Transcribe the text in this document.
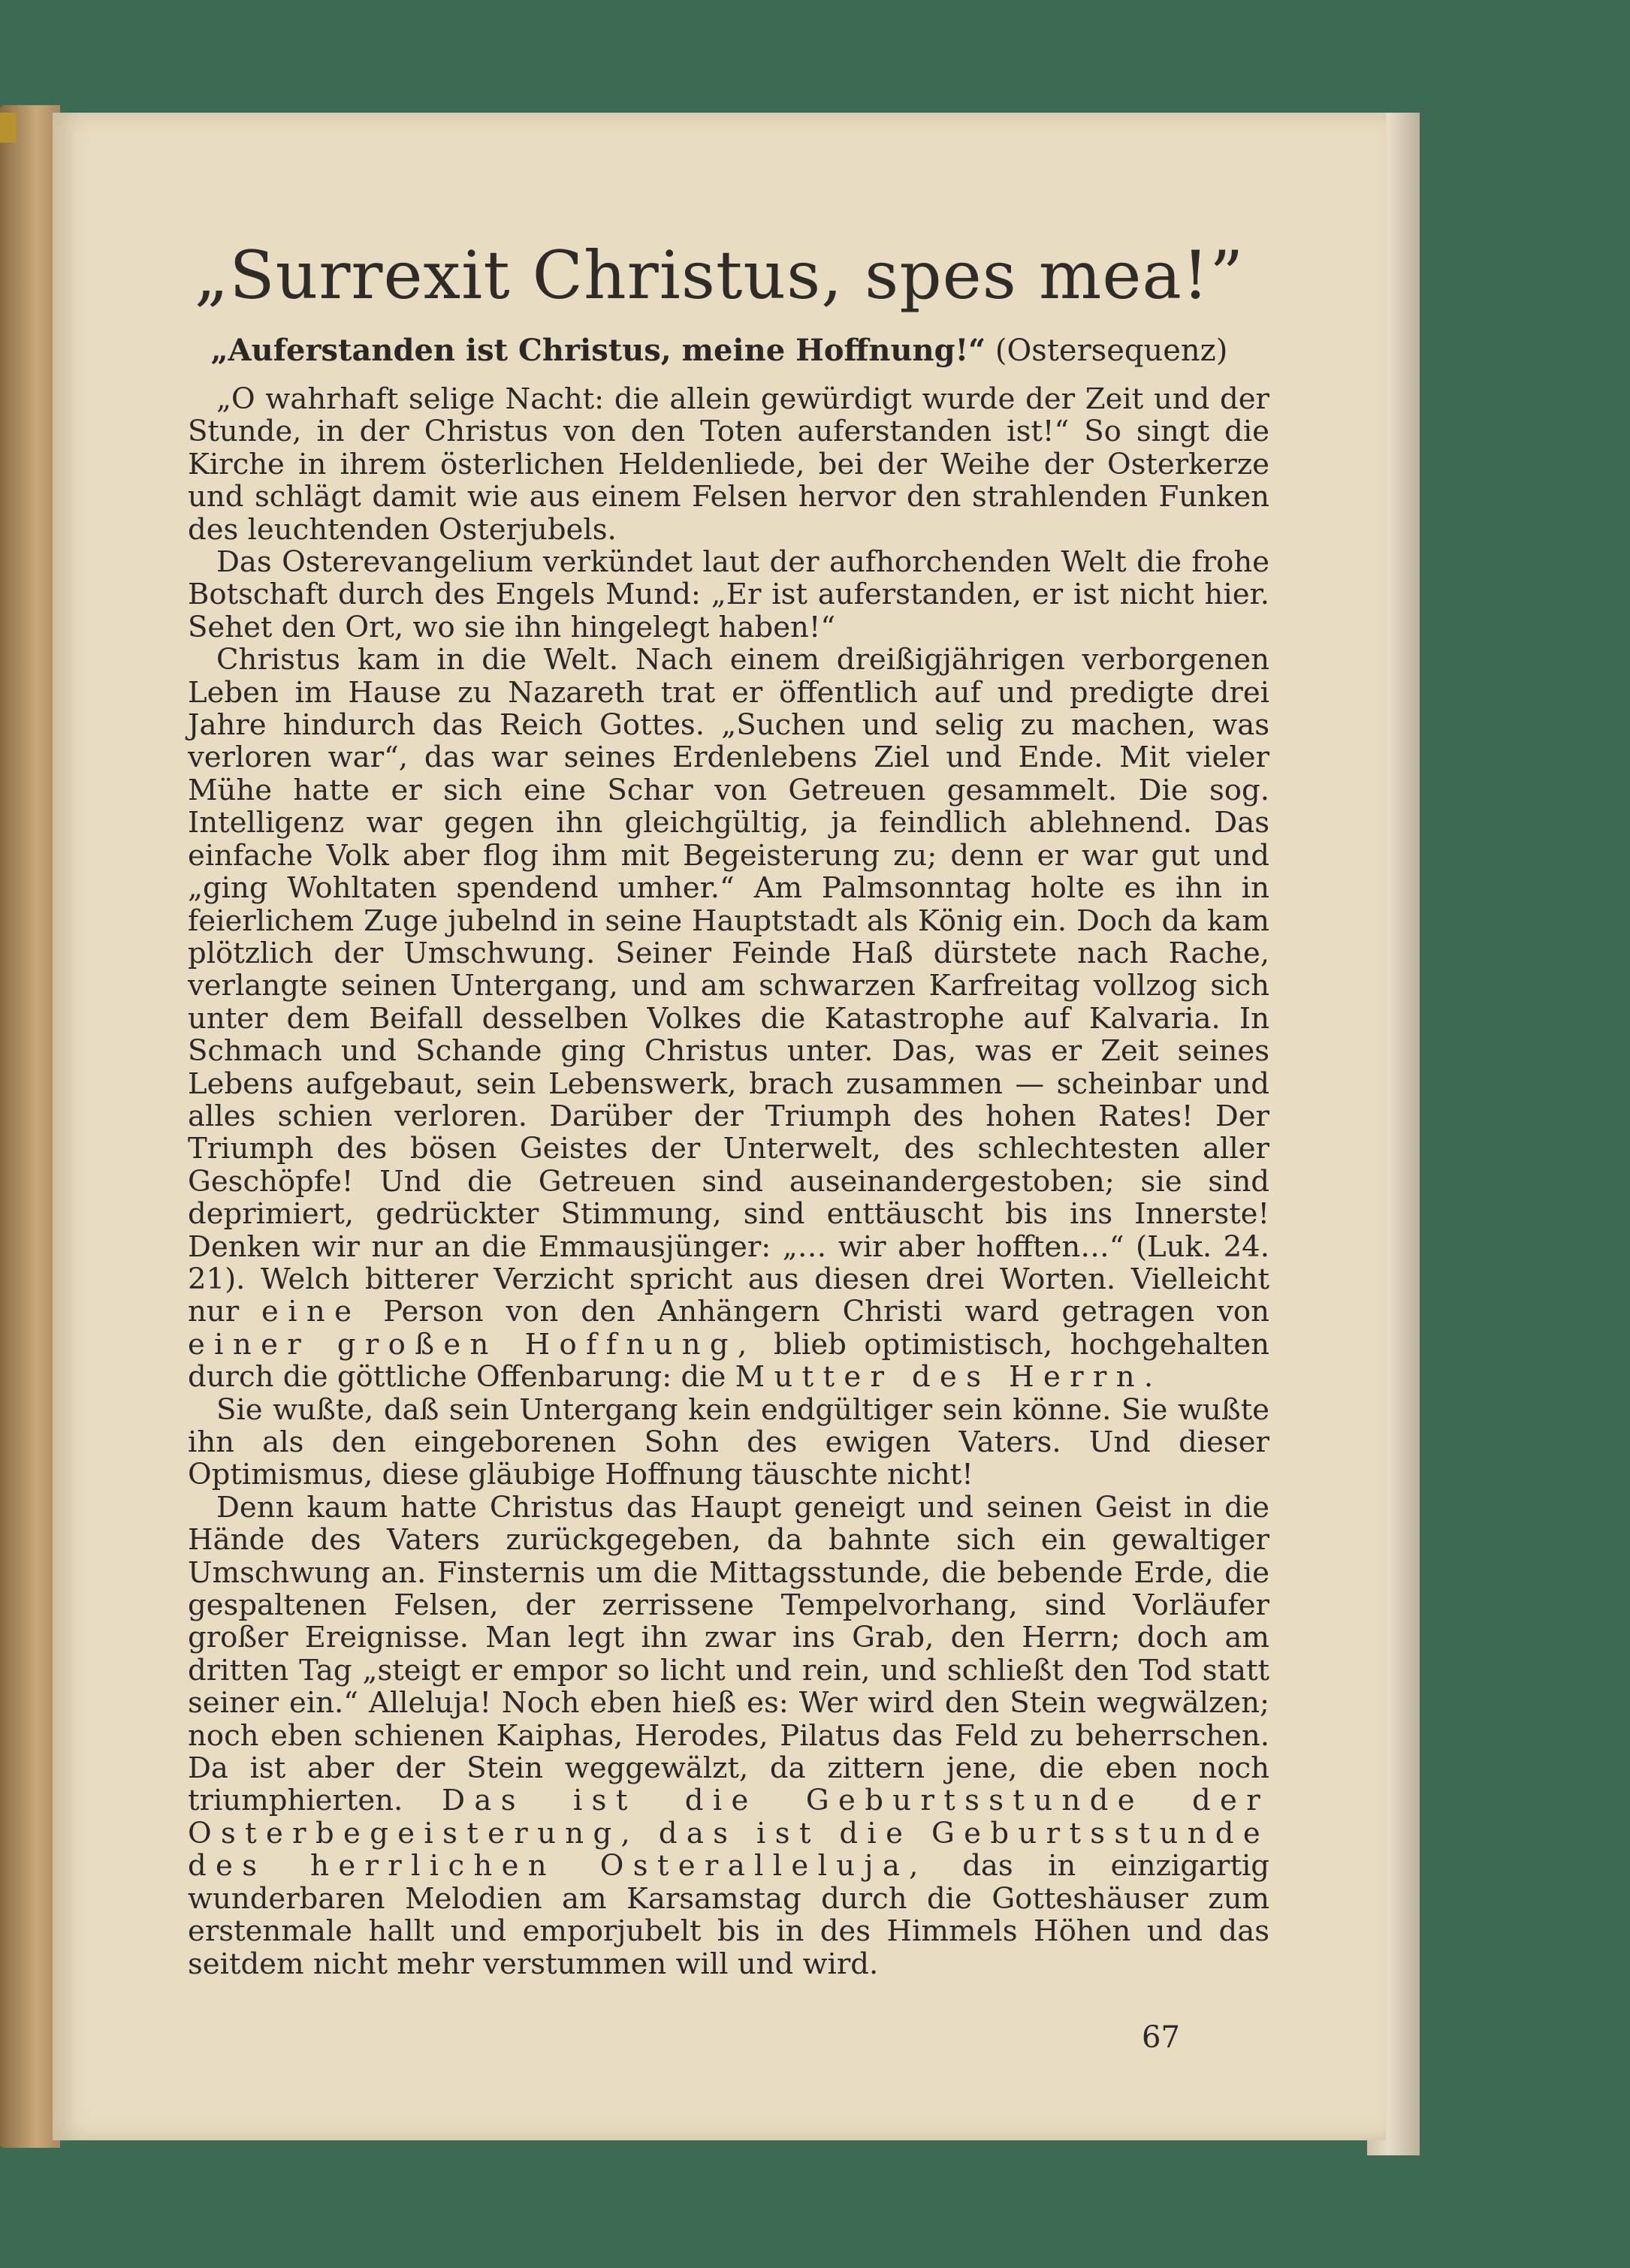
„Surrexit Christus, spes mea!”
„Auferstanden ist Christus, meine Hoffnung!“ (Ostersequenz)

„O wahrhaft selige Nacht: die allein gewürdigt wurde der Zeit und der Stunde, in der Christus von den Toten auferstanden ist!“ So singt die Kirche in ihrem österlichen Heldenliede, bei der Weihe der Osterkerze und schlägt damit wie aus einem Felsen hervor den strahlenden Funken des leuchtenden Osterjubels.

Das Osterevangelium verkündet laut der aufhorchenden Welt die frohe Botschaft durch des Engels Mund: „Er ist auferstanden, er ist nicht hier. Sehet den Ort, wo sie ihn hingelegt haben!“

Christus kam in die Welt. Nach einem dreißigjährigen verborgenen Leben im Hause zu Nazareth trat er öffentlich auf und predigte drei Jahre hindurch das Reich Gottes. „Suchen und selig zu machen, was verloren war“, das war seines Erdenlebens Ziel und Ende. Mit vieler Mühe hatte er sich eine Schar von Getreuen gesammelt. Die sog. Intelligenz war gegen ihn gleichgültig, ja feindlich ablehnend. Das einfache Volk aber flog ihm mit Begeisterung zu; denn er war gut und „ging Wohltaten spendend umher.“ Am Palmsonntag holte es ihn in feierlichem Zuge jubelnd in seine Hauptstadt als König ein. Doch da kam plötzlich der Umschwung. Seiner Feinde Haß dürstete nach Rache, verlangte seinen Untergang, und am schwarzen Karfreitag vollzog sich unter dem Beifall desselben Volkes die Katastrophe auf Kalvaria. In Schmach und Schande ging Christus unter. Das, was er Zeit seines Lebens aufgebaut, sein Lebenswerk, brach zusammen — scheinbar und alles schien verloren. Darüber der Triumph des hohen Rates! Der Triumph des bösen Geistes der Unterwelt, des schlechtesten aller Geschöpfe! Und die Getreuen sind auseinandergestoben; sie sind deprimiert, gedrückter Stimmung, sind enttäuscht bis ins Innerste! Denken wir nur an die Emmausjünger: „… wir aber hofften…“ (Luk. 24. 21). Welch bitterer Verzicht spricht aus diesen drei Worten. Vielleicht nur eine Person von den Anhängern Christi ward getragen von einer großen Hoffnung, blieb optimistisch, hochgehalten durch die göttliche Offenbarung: die Mutter des Herrn.

Sie wußte, daß sein Untergang kein endgültiger sein könne. Sie wußte ihn als den eingeborenen Sohn des ewigen Vaters. Und dieser Optimismus, diese gläubige Hoffnung täuschte nicht!

Denn kaum hatte Christus das Haupt geneigt und seinen Geist in die Hände des Vaters zurückgegeben, da bahnte sich ein gewaltiger Umschwung an. Finsternis um die Mittagsstunde, die bebende Erde, die gespaltenen Felsen, der zerrissene Tempelvorhang, sind Vorläufer großer Ereignisse. Man legt ihn zwar ins Grab, den Herrn; doch am dritten Tag „steigt er empor so licht und rein, und schließt den Tod statt seiner ein.“ Alleluja! Noch eben hieß es: Wer wird den Stein wegwälzen; noch eben schienen Kaiphas, Herodes, Pilatus das Feld zu beherrschen. Da ist aber der Stein weggewälzt, da zittern jene, die eben noch triumphierten. Das ist die Geburtsstunde der Osterbegeisterung, das ist die Geburtsstunde des herrlichen Osteralleluja, das in einzigartig wunderbaren Melodien am Karsamstag durch die Gotteshäuser zum erstenmale hallt und emporjubelt bis in des Himmels Höhen und das seitdem nicht mehr verstummen will und wird.

67
